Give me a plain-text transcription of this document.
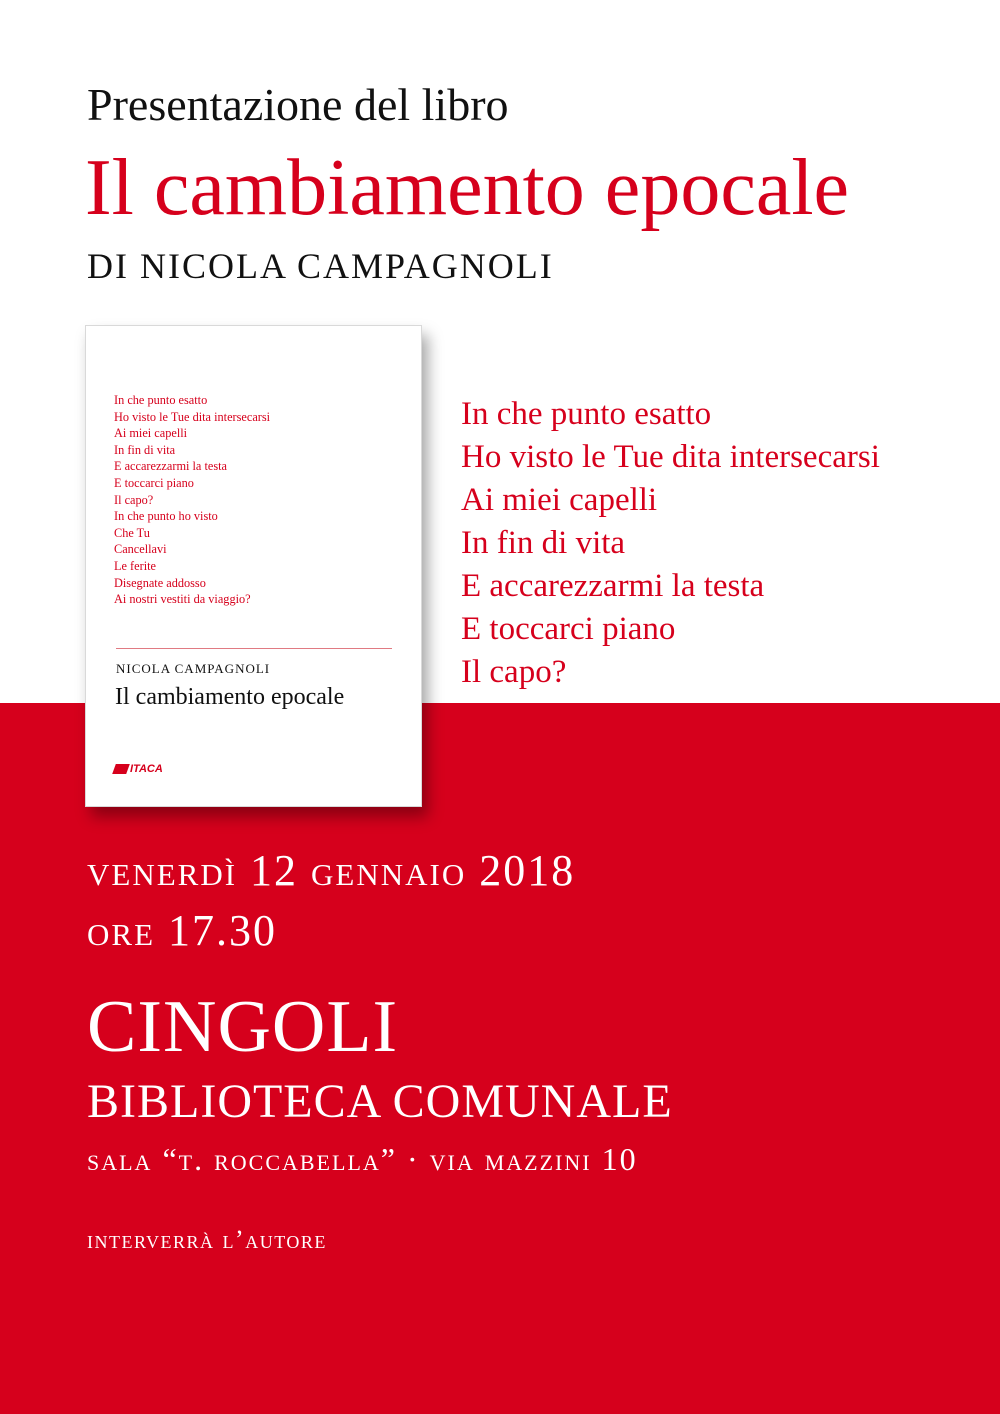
Presentazione del libro
Il cambiamento epocale
DI NICOLA CAMPAGNOLI
In che punto esatto
Ho visto le Tue dita intersecarsi
Ai miei capelli
In fin di vita
E accarezzarmi la testa
E toccarci piano
Il capo?
In che punto ho visto
Che Tu
Cancellavi
Le ferite
Disegnate addosso
Ai nostri vestiti da viaggio?
NICOLA CAMPAGNOLI
Il cambiamento epocale
ITACA
In che punto esatto
Ho visto le Tue dita intersecarsi
Ai miei capelli
In fin di vita
E accarezzarmi la testa
E toccarci piano
Il capo?
venerdì 12 gennaio 2018
ore 17.30
CINGOLI
BIBLIOTECA COMUNALE
sala “t. roccabella” · via mazzini 10
interverrà l’autore
